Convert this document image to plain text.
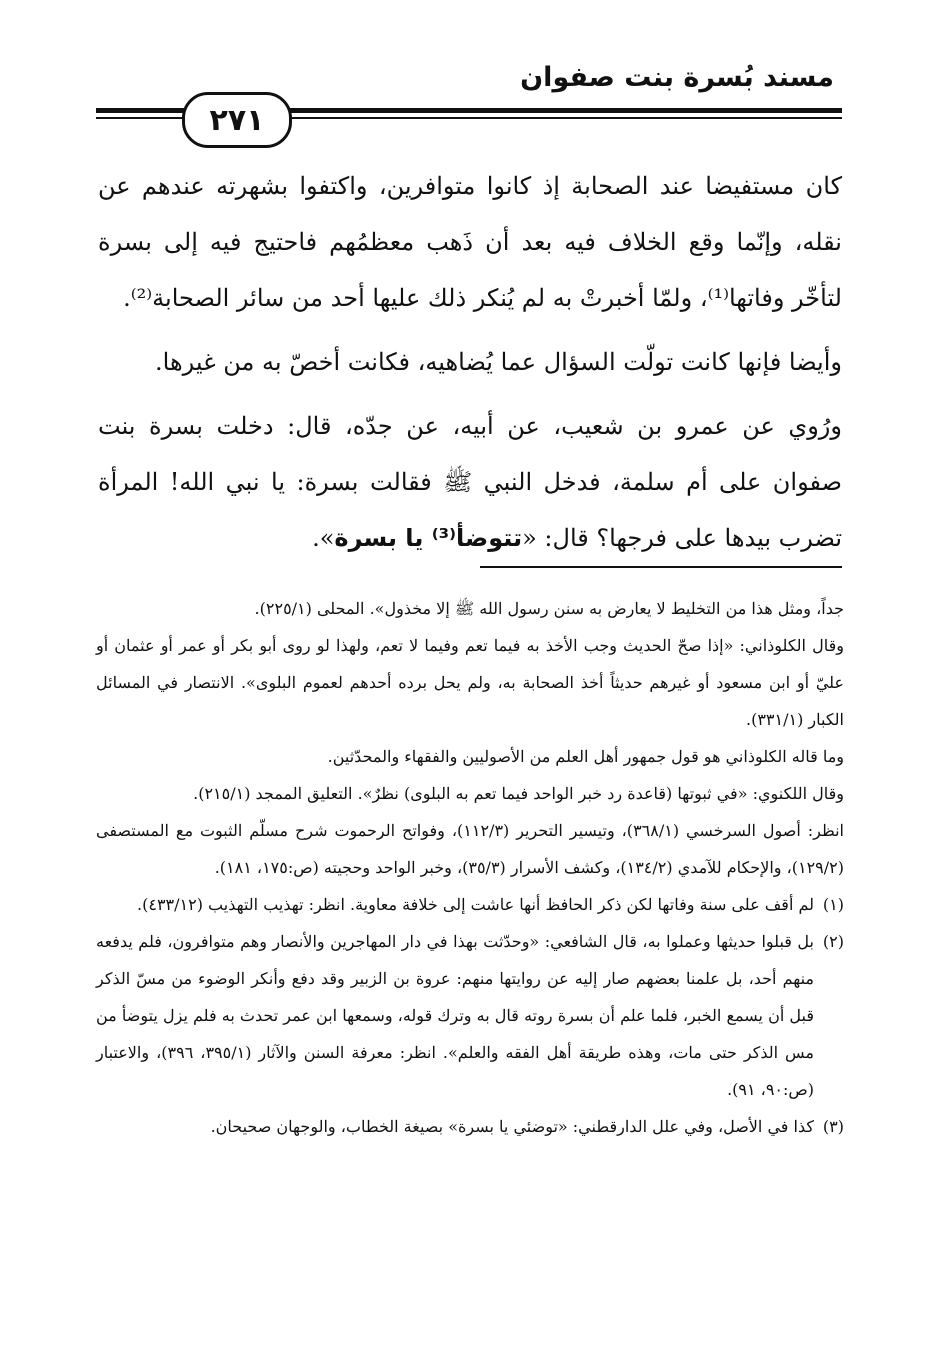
مسند بُسرة بنت صفوان
٢٧١

كان مستفيضا عند الصحابة إذ كانوا متوافرين، واكتفوا بشهرته عندهم عن نقله، وإنّما وقع الخلاف فيه بعد أن ذَهب معظمُهم فاحتيج فيه إلى بسرة لتأخّر وفاتها⁽¹⁾، ولمّا أخبرتْ به لم يُنكر ذلك عليها أحد من سائر الصحابة⁽²⁾.

وأيضا فإنها كانت تولّت السؤال عما يُضاهيه، فكانت أخصّ به من غيرها.

ورُوي عن عمرو بن شعيب، عن أبيه، عن جدّه، قال: دخلت بسرة بنت صفوان على أم سلمة، فدخل النبي ﷺ فقالت بسرة: يا نبي الله! المرأة تضرب بيدها على فرجها؟ قال: «تتوضأ⁽³⁾ يا بسرة».

جداً، ومثل هذا من التخليط لا يعارض به سنن رسول الله ﷺ إلا مخذول». المحلى (٢٢٥/١).

وقال الكلوذاني: «إذا صحّ الحديث وجب الأخذ به فيما تعم وفيما لا تعم، ولهذا لو روى أبو بكر أو عمر أو عثمان أو عليّ أو ابن مسعود أو غيرهم حديثاً أخذ الصحابة به، ولم يحل برده أحدهم لعموم البلوى». الانتصار في المسائل الكبار (٣٣١/١).

وما قاله الكلوذاني هو قول جمهور أهل العلم من الأصوليين والفقهاء والمحدّثين.

وقال اللكنوي: «في ثبوتها (قاعدة رد خبر الواحد فيما تعم به البلوى) نظرٌ». التعليق الممجد (٢١٥/١).

انظر: أصول السرخسي (٣٦٨/١)، وتيسير التحرير (١١٢/٣)، وفواتح الرحموت شرح مسلّم الثبوت مع المستصفى (١٢٩/٢)، والإحكام للآمدي (١٣٤/٢)، وكشف الأسرار (٣٥/٣)، وخبر الواحد وحجيته (ص:١٧٥، ١٨١).

(١)
لم أقف على سنة وفاتها لكن ذكر الحافظ أنها عاشت إلى خلافة معاوية. انظر: تهذيب التهذيب (٤٣٣/١٢).

(٢)
بل قبلوا حديثها وعملوا به، قال الشافعي: «وحدّثت بهذا في دار المهاجرين والأنصار وهم متوافرون، فلم يدفعه منهم أحد، بل علمنا بعضهم صار إليه عن روايتها منهم: عروة بن الزبير وقد دفع وأنكر الوضوء من مسّ الذكر قبل أن يسمع الخبر، فلما علم أن بسرة روته قال به وترك قوله، وسمعها ابن عمر تحدث به فلم يزل يتوضأ من مس الذكر حتى مات، وهذه طريقة أهل الفقه والعلم». انظر: معرفة السنن والآثار (٣٩٥/١، ٣٩٦)، والاعتبار (ص:٩٠، ٩١).

(٣)
كذا في الأصل، وفي علل الدارقطني: «توضئي يا بسرة» بصيغة الخطاب، والوجهان صحيحان.
